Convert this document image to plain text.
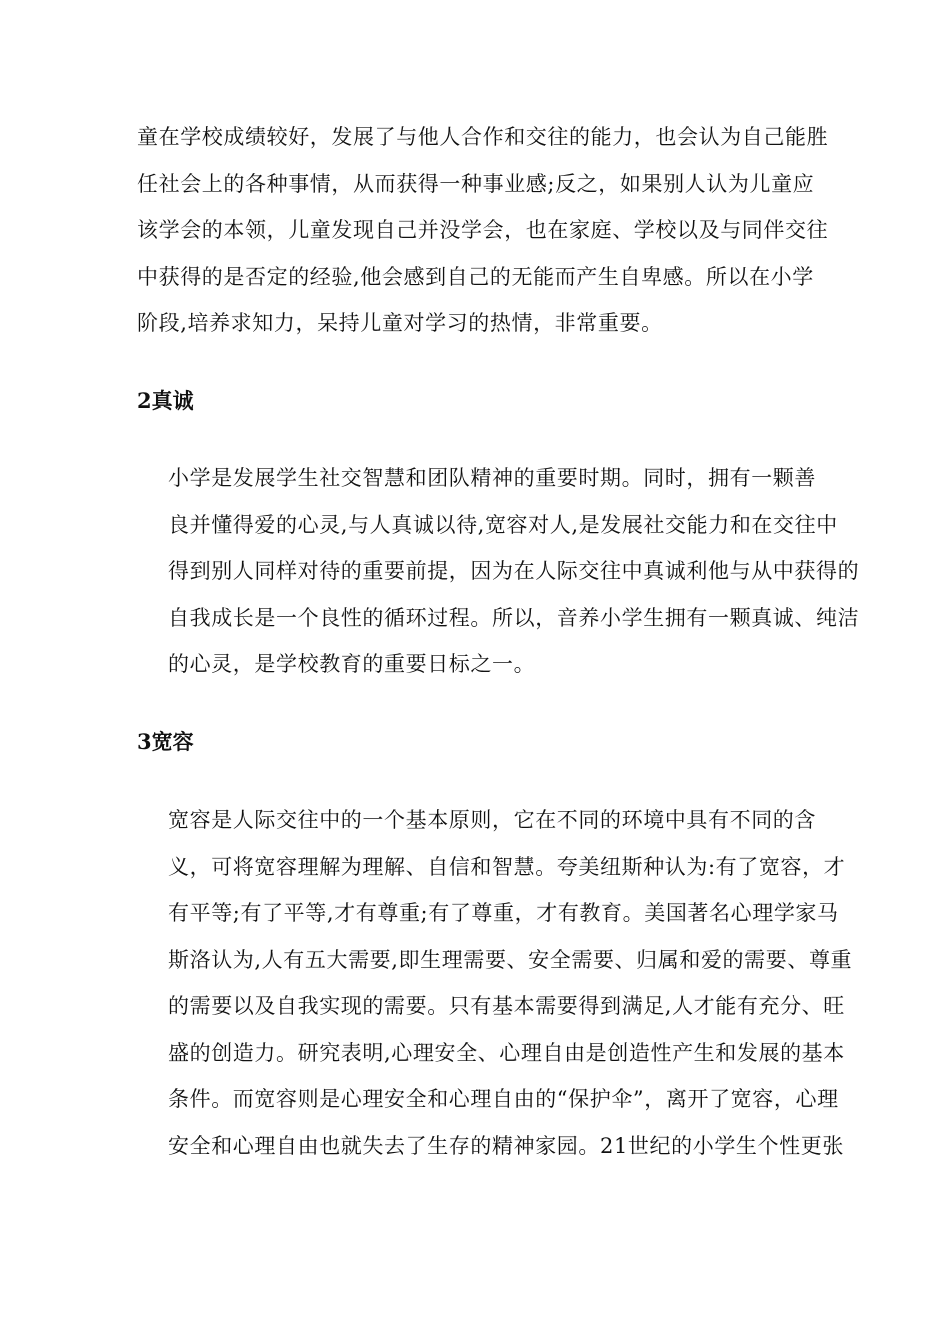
童在学校成绩较好，发展了与他人合作和交往的能力，也会认为自己能胜
任社会上的各种事情，从而获得一种事业感;反之，如果别人认为儿童应
该学会的本领，儿童发现自己并没学会，也在家庭、学校以及与同伴交往
中获得的是否定的经验,他会感到自己的无能而产生自卑感。所以在小学
阶段,培养求知力，呆持儿童对学习的热情，非常重要。

2真诚

小学是发展学生社交智慧和团队精神的重要时期。同时，拥有一颗善
良并懂得爱的心灵,与人真诚以待,宽容对人,是发展社交能力和在交往中
得到别人同样对待的重要前提，因为在人际交往中真诚利他与从中获得的
自我成长是一个良性的循环过程。所以，音养小学生拥有一颗真诚、纯洁
的心灵，是学校教育的重要日标之一。

3宽容

宽容是人际交往中的一个基本原则，它在不同的环境中具有不同的含
义，可将宽容理解为理解、自信和智慧。夸美纽斯种认为:有了宽容，才
有平等;有了平等,才有尊重;有了尊重，才有教育。美国著名心理学家马
斯洛认为,人有五大需要,即生理需要、安全需要、归属和爱的需要、尊重
的需要以及自我实现的需要。只有基本需要得到满足,人才能有充分、旺
盛的创造力。研究表明,心理安全、心理自由是创造性产生和发展的基本
条件。而宽容则是心理安全和心理自由的“保护伞”，离开了宽容，心理
安全和心理自由也就失去了生存的精神家园。21世纪的小学生个性更张
